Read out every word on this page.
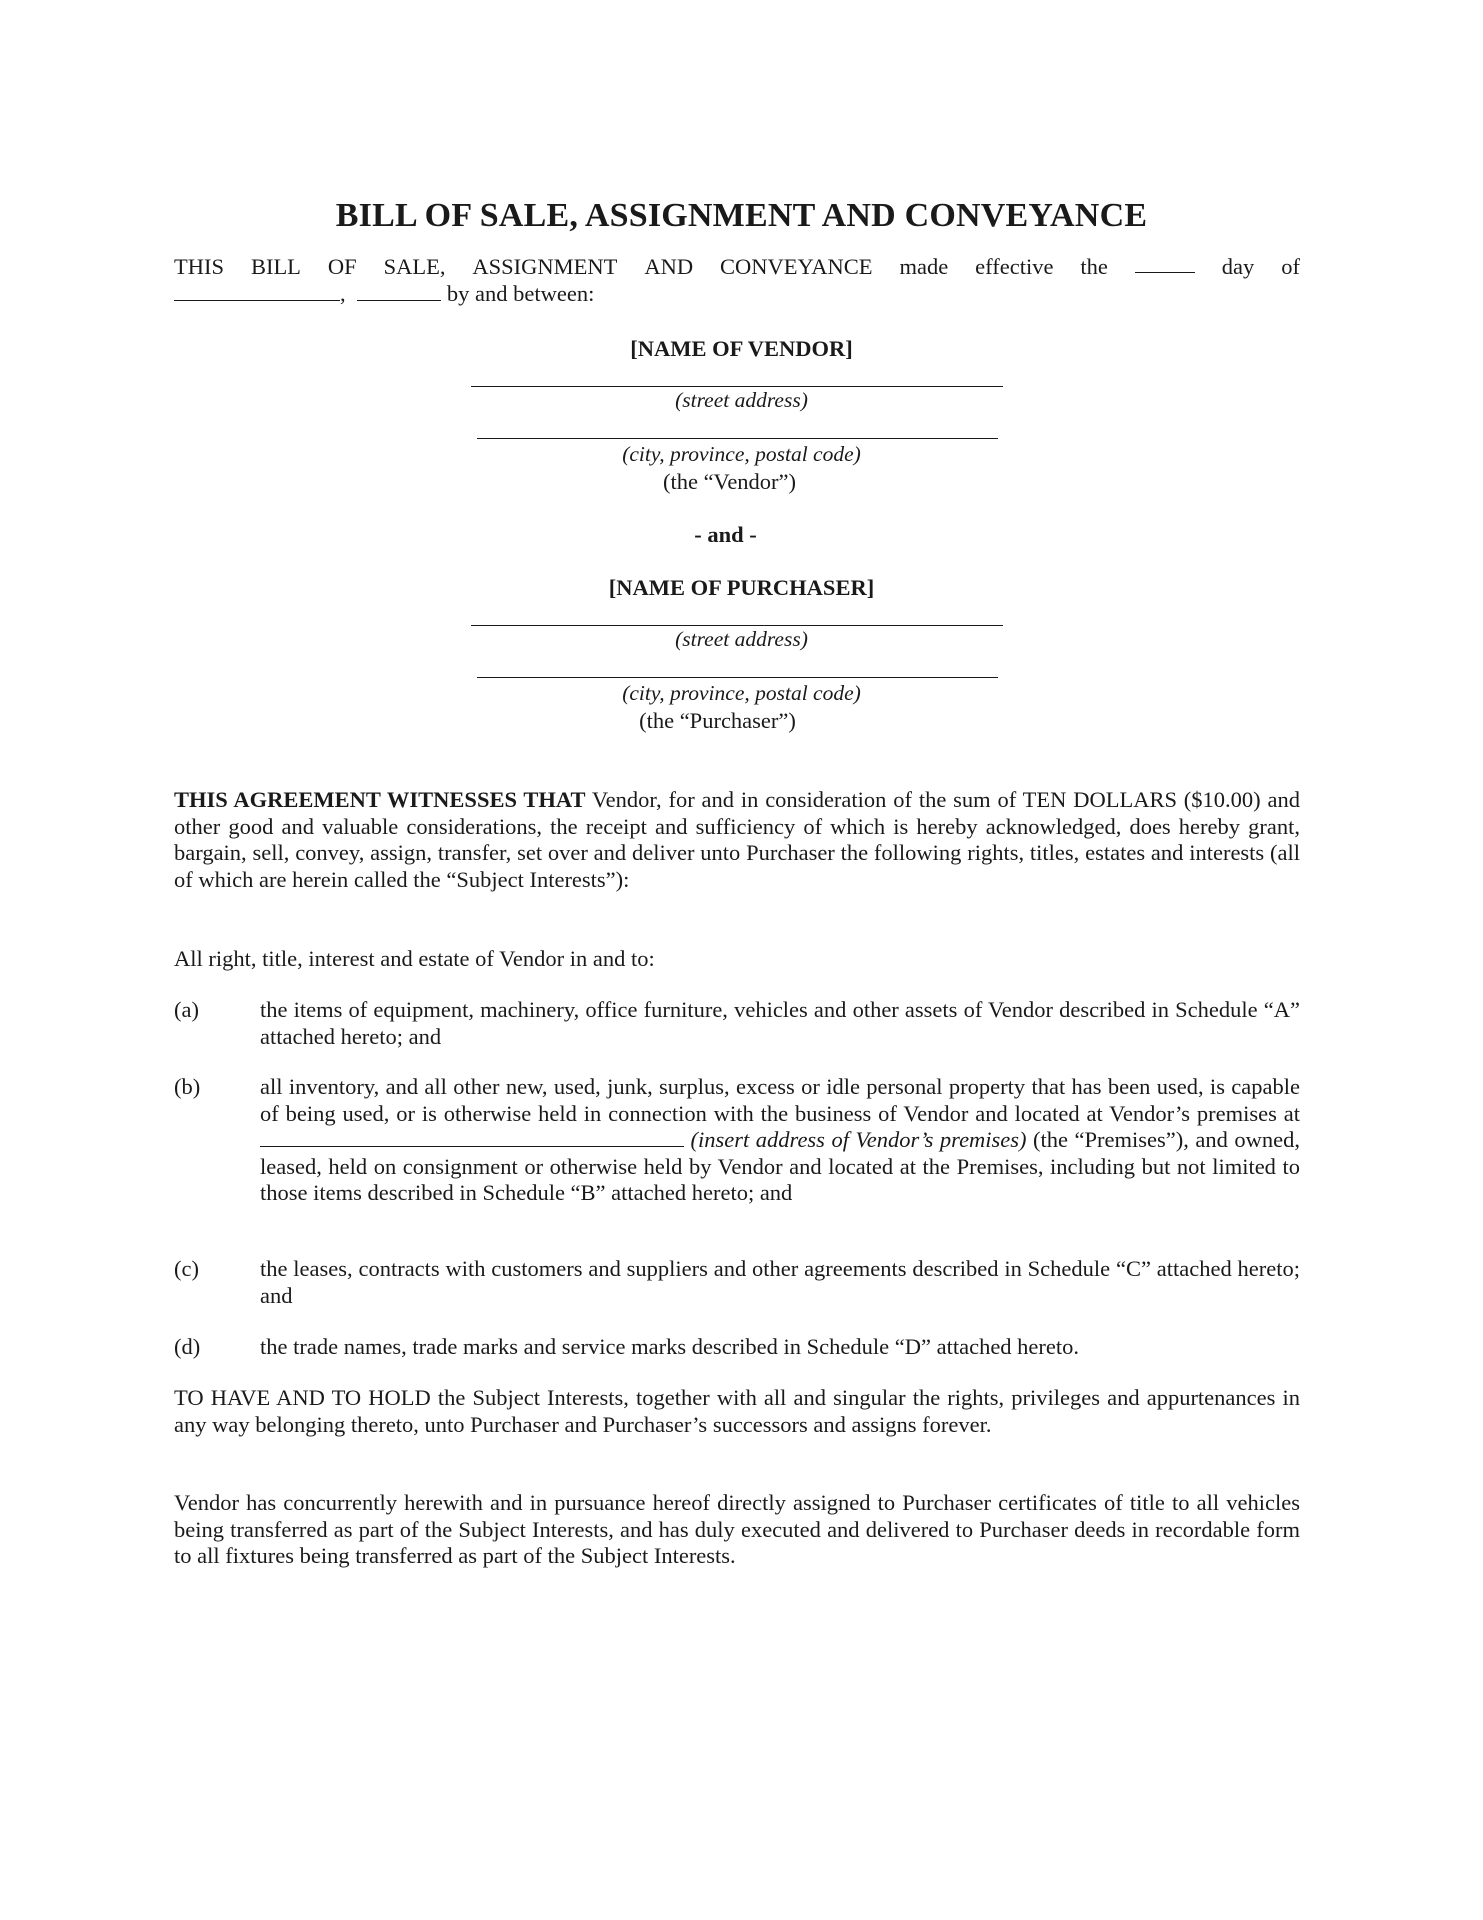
BILL OF SALE, ASSIGNMENT AND CONVEYANCE
THIS BILL OF SALE, ASSIGNMENT AND CONVEYANCE made effective the	day of
,	by and between:
[NAME OF VENDOR]
(street address)
(city, province, postal code)
(the “Vendor”)
- and -
[NAME OF PURCHASER]
(street address)
(city, province, postal code)
(the “Purchaser”)
THIS AGREEMENT WITNESSES THAT Vendor, for and in consideration of the sum of TEN DOLLARS ($10.00) and other good and valuable considerations, the receipt and sufficiency of which is hereby acknowledged, does hereby grant, bargain, sell, convey, assign, transfer, set over and deliver unto Purchaser the following rights, titles, estates and interests (all of which are herein called the “Subject Interests”):
All right, title, interest and estate of Vendor in and to:
(a)	the items of equipment, machinery, office furniture, vehicles and other assets of Vendor described in Schedule “A” attached hereto; and
(b)	all inventory, and all other new, used, junk, surplus, excess or idle personal property that has been used, is capable of being used, or is otherwise held in connection with the business of Vendor and located at Vendor’s premises at  (insert address of Vendor’s premises) (the “Premises”), and owned, leased, held on consignment or otherwise held by Vendor and located at the Premises, including but not limited to those items described in Schedule “B” attached hereto; and
(c)	the leases, contracts with customers and suppliers and other agreements described in Schedule “C” attached hereto; and
(d)	the trade names, trade marks and service marks described in Schedule “D” attached hereto.
TO HAVE AND TO HOLD the Subject Interests, together with all and singular the rights, privileges and appurtenances in any way belonging thereto, unto Purchaser and Purchaser’s successors and assigns forever.
Vendor has concurrently herewith and in pursuance hereof directly assigned to Purchaser certificates of title to all vehicles being transferred as part of the Subject Interests, and has duly executed and delivered to Purchaser deeds in recordable form to all fixtures being transferred as part of the Subject Interests.
